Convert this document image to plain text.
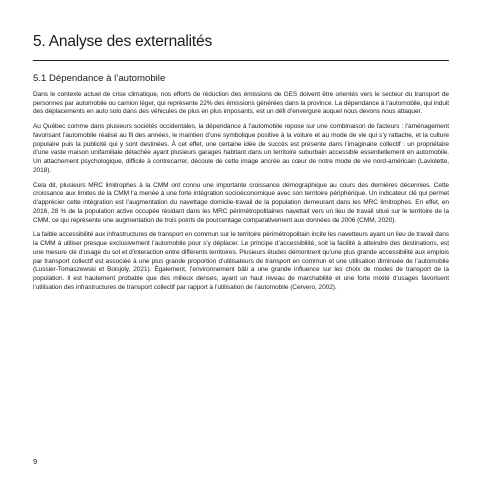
5. Analyse des externalités
5.1 Dépendance à l’automobile

Dans le contexte actuel de crise climatique, nos efforts de réduction des émissions de GES doivent être orientés vers le secteur du transport de personnes par automobile ou camion léger, qui représente 22% des émissions générées dans la province. La dépendance à l’automobile, qui induit des déplacements en auto solo dans des véhicules de plus en plus imposants, est un défi d’envergure auquel nous devons nous attaquer.

Au Québec comme dans plusieurs sociétés occidentales, la dépendance à l’automobile repose sur une combinaison de facteurs : l’aménagement favorisant l’automobile réalisé au fil des années, le maintien d’une symbolique positive à la voiture et au mode de vie qui s’y rattache, et la culture populaire puis la publicité qui y sont destinées. À cet effet, une certaine idée de succès est présente dans l’imaginaire collectif : un propriétaire d’une vaste maison unifamiliale détachée ayant plusieurs garages habitant dans un territoire suburbain accessible essentiellement en automobile. Un attachement psychologique, difficile à contrecarrer, découle de cette image ancrée au cœur de notre mode de vie nord-américain (Laviolette, 2018).

Cela dit, plusieurs MRC limitrophes à la CMM ont connu une importante croissance démographique au cours des dernières décennies. Cette croissance aux limites de la CMM l’a menée à une forte intégration socioéconomique avec son territoire périphérique. Un indicateur clé qui permet d’apprécier cette intégration est l’augmentation du navettage domicile-travail de la population demeurant dans les MRC limitrophes. En effet, en 2016, 28 % de la population active occupée résidant dans les MRC périmétropolitaines navettait vers un lieu de travail situé sur le territoire de la CMM, ce qui représente une augmentation de trois points de pourcentage comparativement aux données de 2006 (CMM, 2020).

La faible accessibilité aux infrastructures de transport en commun sur le territoire périmétropolitain incite les navetteurs ayant un lieu de travail dans la CMM à utiliser presque exclusivement l’automobile pour s’y déplacer. Le principe d’accessibilité, soit la facilité à atteindre des destinations, est une mesure clé d’usage du sol et d’interaction entre différents territoires. Plusieurs études démontrent qu’une plus grande accessibilité aux emplois par transport collectif est associée à une plus grande proportion d’utilisateurs de transport en commun et une utilisation diminuée de l’automobile (Lussier-Tomaszewski et Boisjoly, 2021). Également, l’environnement bâti a une grande influence sur les choix de modes de transport de la population. Il est hautement probable que des milieux denses, ayant un haut niveau de marchabilité et une forte mixité d’usages favorisent l’utilisation des infrastructures de transport collectif par rapport à l’utilisation de l’automobile (Cervero, 2002).

9
